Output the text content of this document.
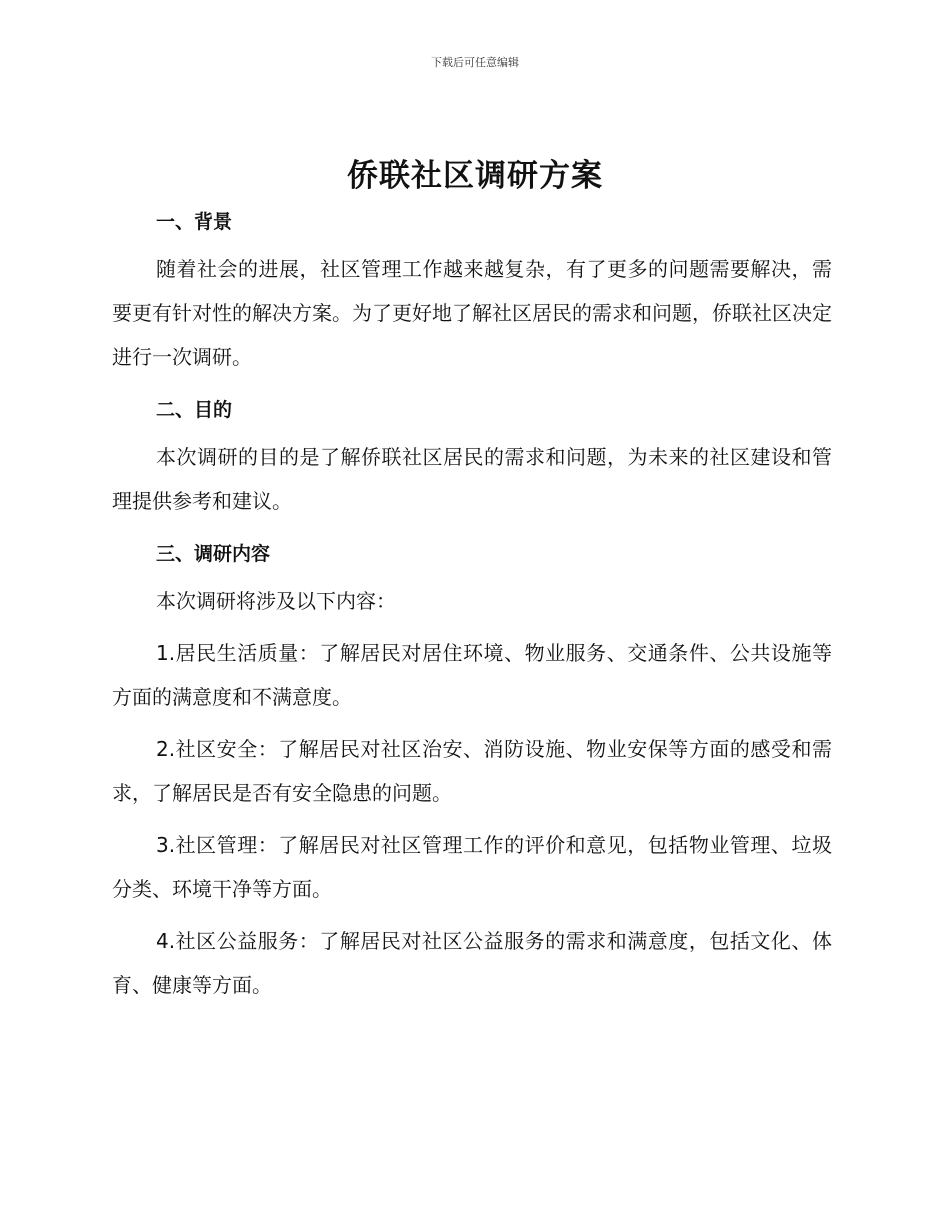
下载后可任意编辑
侨联社区调研方案
一、背景

随着社会的进展，社区管理工作越来越复杂，有了更多的问题需要解决，需要更有针对性的解决方案。为了更好地了解社区居民的需求和问题，侨联社区决定进行一次调研。

二、目的

本次调研的目的是了解侨联社区居民的需求和问题，为未来的社区建设和管理提供参考和建议。

三、调研内容

本次调研将涉及以下内容：

1.居民生活质量：了解居民对居住环境、物业服务、交通条件、公共设施等方面的满意度和不满意度。

2.社区安全：了解居民对社区治安、消防设施、物业安保等方面的感受和需求，了解居民是否有安全隐患的问题。

3.社区管理：了解居民对社区管理工作的评价和意见，包括物业管理、垃圾分类、环境干净等方面。

4.社区公益服务：了解居民对社区公益服务的需求和满意度，包括文化、体育、健康等方面。
